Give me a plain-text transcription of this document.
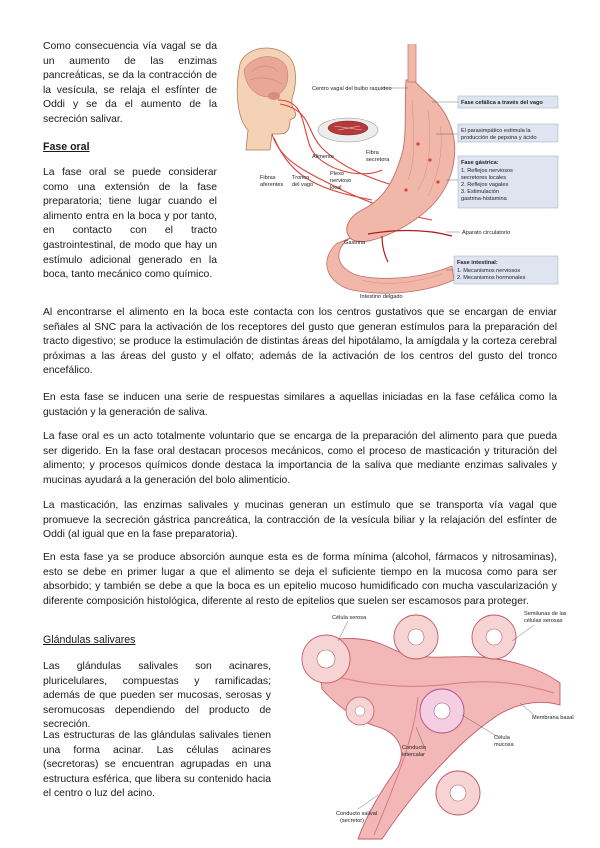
Como consecuencia vía vagal se da un aumento de las enzimas pancreáticas, se da la contracción de la vesícula, se relaja el esfínter de Oddi y se da el aumento de la secreción salivar.

Fase oral

La fase oral se puede considerar como una extensión de la fase preparatoria; tiene lugar cuando el alimento entra en la boca y por tanto, en contacto con el tracto gastrointestinal, de modo que hay un estímulo adicional generado en la boca, tanto mecánico como químico.

Al encontrarse el alimento en la boca este contacta con los centros gustativos que se encargan de enviar señales al SNC para la activación de los receptores del gusto que generan estímulos para la preparación del tracto digestivo; se produce la estimulación de distintas áreas del hipotálamo, la amígdala y la corteza cerebral próximas a las áreas del gusto y el olfato; además de la activación de los centros del gusto del tronco encefálico.

En esta fase se inducen una serie de respuestas similares a aquellas iniciadas en la fase cefálica como la gustación y la generación de saliva.

La fase oral es un acto totalmente voluntario que se encarga de la preparación del alimento para que pueda ser digerido. En la fase oral destacan procesos mecánicos, como el proceso de masticación y trituración del alimento; y procesos químicos donde destaca la importancia de la saliva que mediante enzimas salivales y mucinas ayudará a la generación del bolo alimenticio.

La masticación, las enzimas salivales y mucinas generan un estímulo que se transporta vía vagal que promueve la secreción gástrica pancreática, la contracción de la vesícula biliar y la relajación del esfínter de Oddi (al igual que en la fase preparatoria).

En esta fase ya se produce absorción aunque esta es de forma mínima (alcohol, fármacos y nitrosaminas), esto se debe en primer lugar a que el alimento se deja el suficiente tiempo en la mucosa como para ser absorbido; y también se debe a que la boca es un epitelio mucoso humidificado con mucha vascularización y diferente composición histológica, diferente al resto de epitelios que suelen ser escamosos para proteger.

Glándulas salivares

Las glándulas salivales son acinares, pluricelulares, compuestas y ramificadas; además de que pueden ser mucosas, serosas y seromucosas dependiendo del producto de secreción.

Las estructuras de las glándulas salivales tienen una forma acinar. Las células acinares (secretoras) se encuentran agrupadas en una estructura esférica, que libera su contenido hacia el centro o luz del acino.

Centro vagal del bulbo raquídeo
Alimento
Fibra
secretora
Fibras
aferentes
Tronco
del vago
Plexo
nervioso
local
Gastrina
Aparato circulatorio
Intestino delgado
Fase cefálica a través del vago
El parasimpático estimula la
producción de pepsina y ácido
Fase gástrica:
1. Reflejos nerviosos
secretores locales
2. Reflejos vagales
3. Estimulación
gastrina-histamina
Fase intestinal:
1. Mecanismos nerviosos
2. Mecanismos hormonales
Célula serosa
Semilunas de las
células serosas
Membrana basal
Célula
mucosa
Conducto
intercalar
Conducto salival
(secretor)
